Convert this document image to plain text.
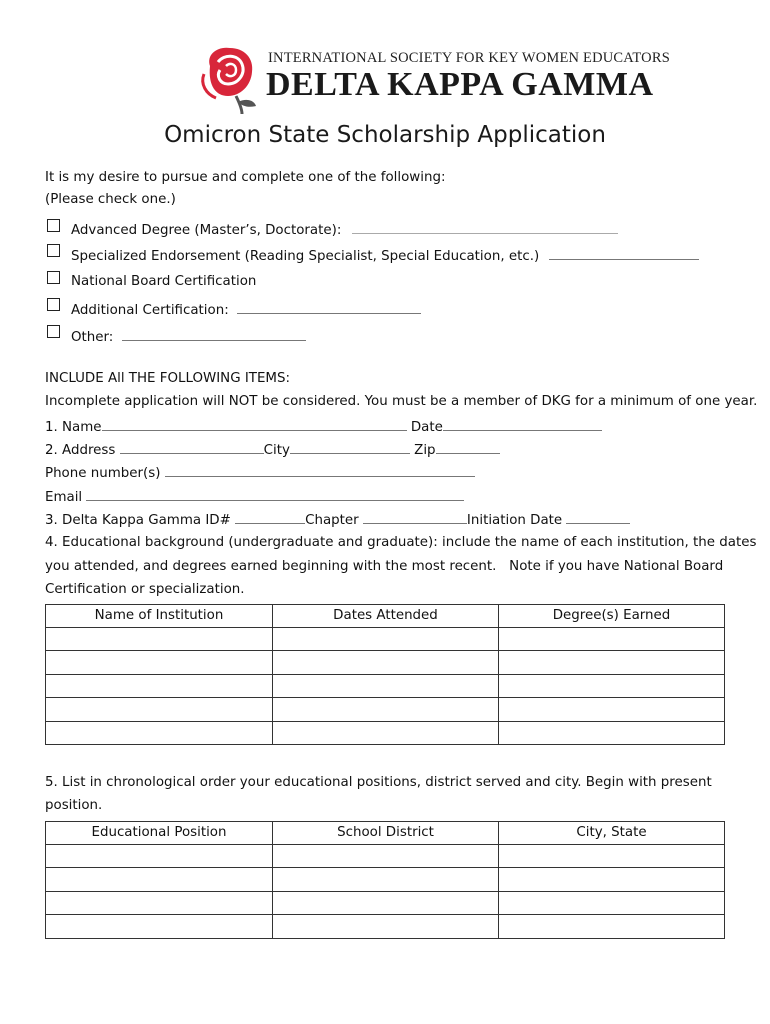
INTERNATIONAL SOCIETY FOR KEY WOMEN EDUCATORS
DELTA KAPPA GAMMA
Omicron State Scholarship Application
It is my desire to pursue and complete one of the following:
(Please check one.)
Advanced Degree (Master’s, Doctorate):
Specialized Endorsement (Reading Specialist, Special Education, etc.)
National Board Certification
Additional Certification:
Other:
INCLUDE All THE FOLLOWING ITEMS:
Incomplete application will NOT be considered. You must be a member of DKG for a minimum of one year.
1. Name	Date
2. Address	City	Zip
Phone number(s)
Email
3. Delta Kappa Gamma ID#	Chapter	Initiation Date
4. Educational background (undergraduate and graduate): include the name of each institution, the dates
you attended, and degrees earned beginning with the most recent.   Note if you have National Board
Certification or specialization.
Name of Institution	Dates Attended	Degree(s) Earned

5. List in chronological order your educational positions, district served and city. Begin with present
position.
Educational Position	School District	City, State
